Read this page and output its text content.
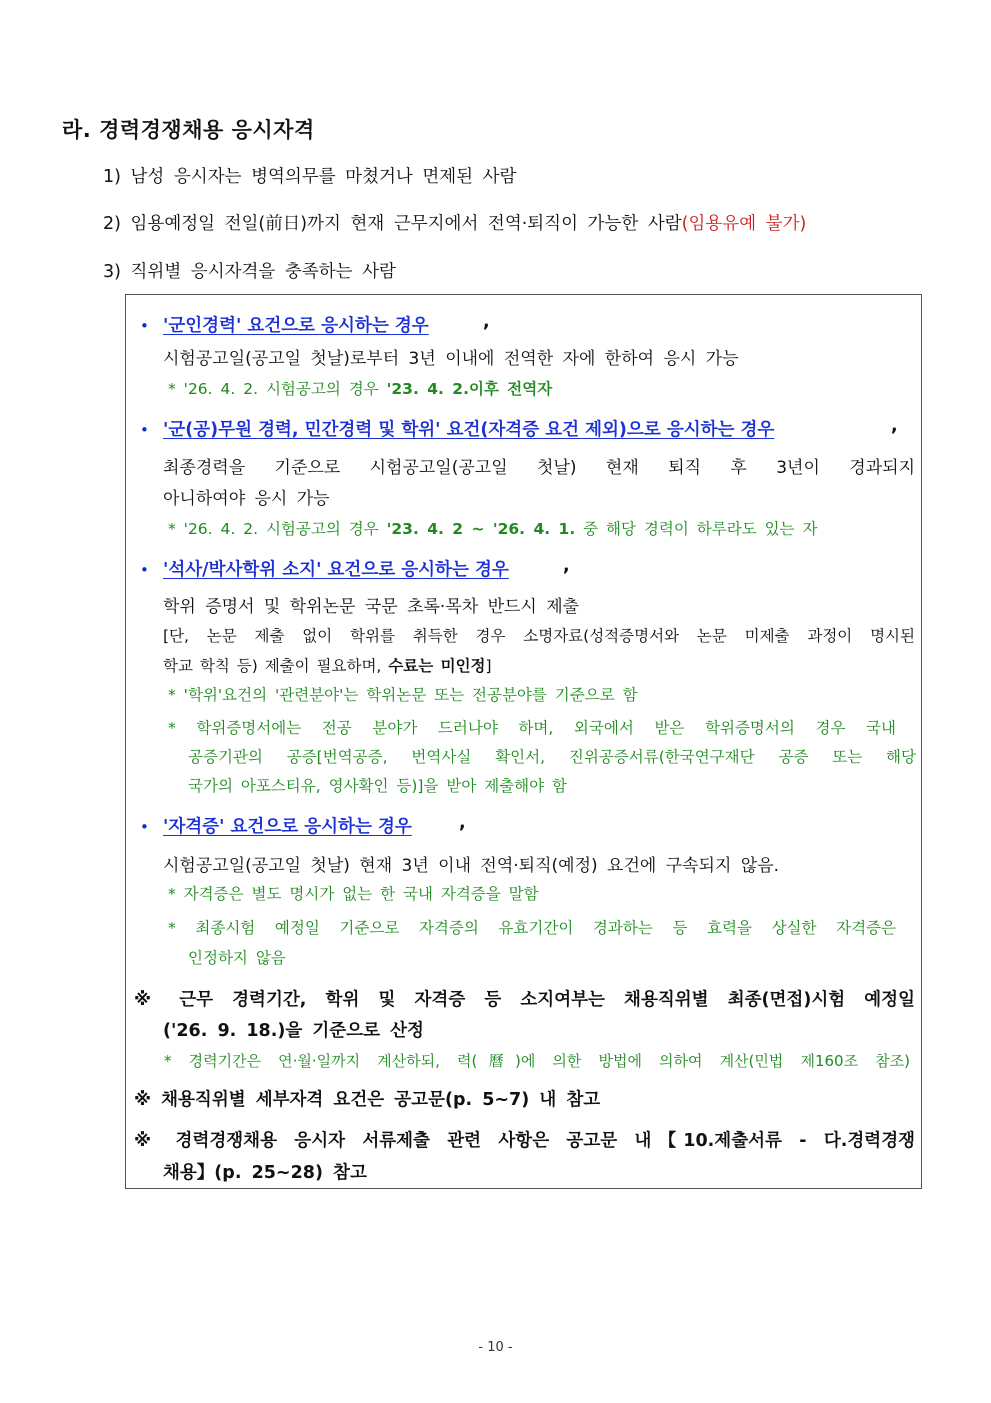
라. 경력경쟁채용 응시자격

1) 남성 응시자는 병역의무를 마쳤거나 면제된 사람

2) 임용예정일 전일(前日)까지 현재 근무지에서 전역·퇴직이 가능한 사람(임용유예 불가)

3) 직위별 응시자격을 충족하는 사람

• '군인경력' 요건으로 응시하는 경우	,

시험공고일(공고일 첫날)로부터 3년 이내에 전역한 자에 한하여 응시 가능

* '26. 4. 2. 시험공고의 경우 '23. 4. 2.이후 전역자

• '군(공)무원 경력, 민간경력 및 학위' 요건(자격증 요건 제외)으로 응시하는 경우	,

최종경력을 기준으로 시험공고일(공고일 첫날) 현재 퇴직 후 3년이 경과되지

아니하여야 응시 가능

* '26. 4. 2. 시험공고의 경우 '23. 4. 2 ~ '26. 4. 1. 중 해당 경력이 하루라도 있는 자

• '석사/박사학위 소지' 요건으로 응시하는 경우	,

학위 증명서 및 학위논문 국문 초록·목차 반드시 제출

[단, 논문 제출 없이 학위를 취득한 경우 소명자료(성적증명서와 논문 미제출 과정이 명시된

학교 학칙 등) 제출이 필요하며, 수료는 미인정]

* '학위'요건의 '관련분야'는 학위논문 또는 전공분야를 기준으로 함

* 학위증명서에는 전공 분야가 드러나야 하며, 외국에서 받은 학위증명서의 경우 국내

공증기관의 공증[번역공증, 번역사실 확인서, 진위공증서류(한국연구재단 공증 또는 해당

국가의 아포스티유, 영사확인 등)]을 받아 제출해야 함

• '자격증' 요건으로 응시하는 경우	,

시험공고일(공고일 첫날) 현재 3년 이내 전역·퇴직(예정) 요건에 구속되지 않음.

* 자격증은 별도 명시가 없는 한 국내 자격증을 말함

* 최종시험 예정일 기준으로 자격증의 유효기간이 경과하는 등 효력을 상실한 자격증은

인정하지 않음

※ 근무 경력기간, 학위 및 자격증 등 소지여부는 채용직위별 최종(면접)시험 예정일

('26. 9. 18.)을 기준으로 산정

* 경력기간은 연·월·일까지 계산하되, 력(曆)에 의한 방법에 의하여 계산(민법 제160조 참조)

※ 채용직위별 세부자격 요건은 공고문(p. 5~7) 내 참고

※ 경력경쟁채용 응시자 서류제출 관련 사항은 공고문 내【10.제출서류 - 다.경력경쟁

채용】(p. 25~28) 참고

- 10 -
